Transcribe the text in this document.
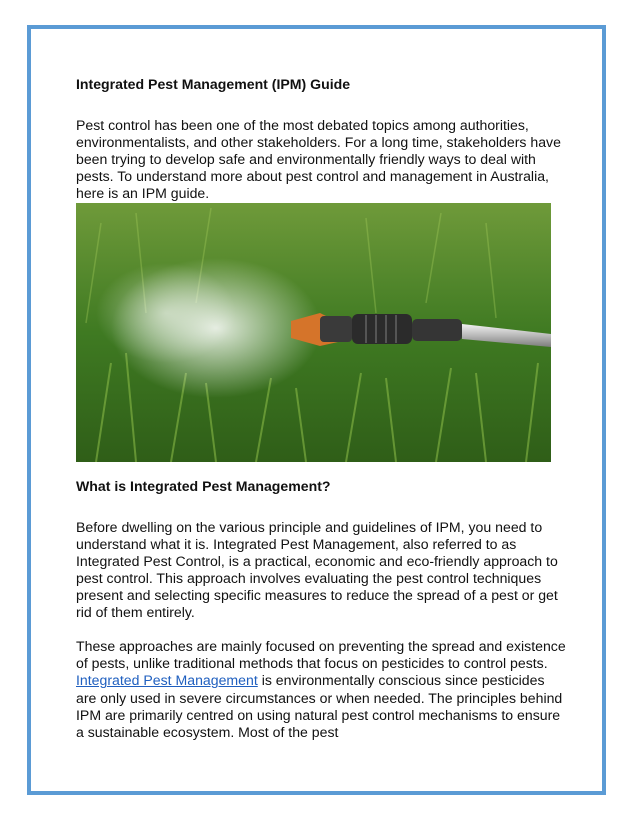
Integrated Pest Management (IPM) Guide

Pest control has been one of the most debated topics among authorities, environmentalists, and other stakeholders. For a long time, stakeholders have been trying to develop safe and environmentally friendly ways to deal with pests. To understand more about pest control and management in Australia, here is an IPM guide.

What is Integrated Pest Management?

Before dwelling on the various principle and guidelines of IPM, you need to understand what it is. Integrated Pest Management, also referred to as Integrated Pest Control, is a practical, economic and eco-friendly approach to pest control. This approach involves evaluating the pest control techniques present and selecting specific measures to reduce the spread of a pest or get rid of them entirely.

These approaches are mainly focused on preventing the spread and existence of pests, unlike traditional methods that focus on pesticides to control pests. Integrated Pest Management is environmentally conscious since pesticides are only used in severe circumstances or when needed. The principles behind IPM are primarily centred on using natural pest control mechanisms to ensure a sustainable ecosystem. Most of the pest
